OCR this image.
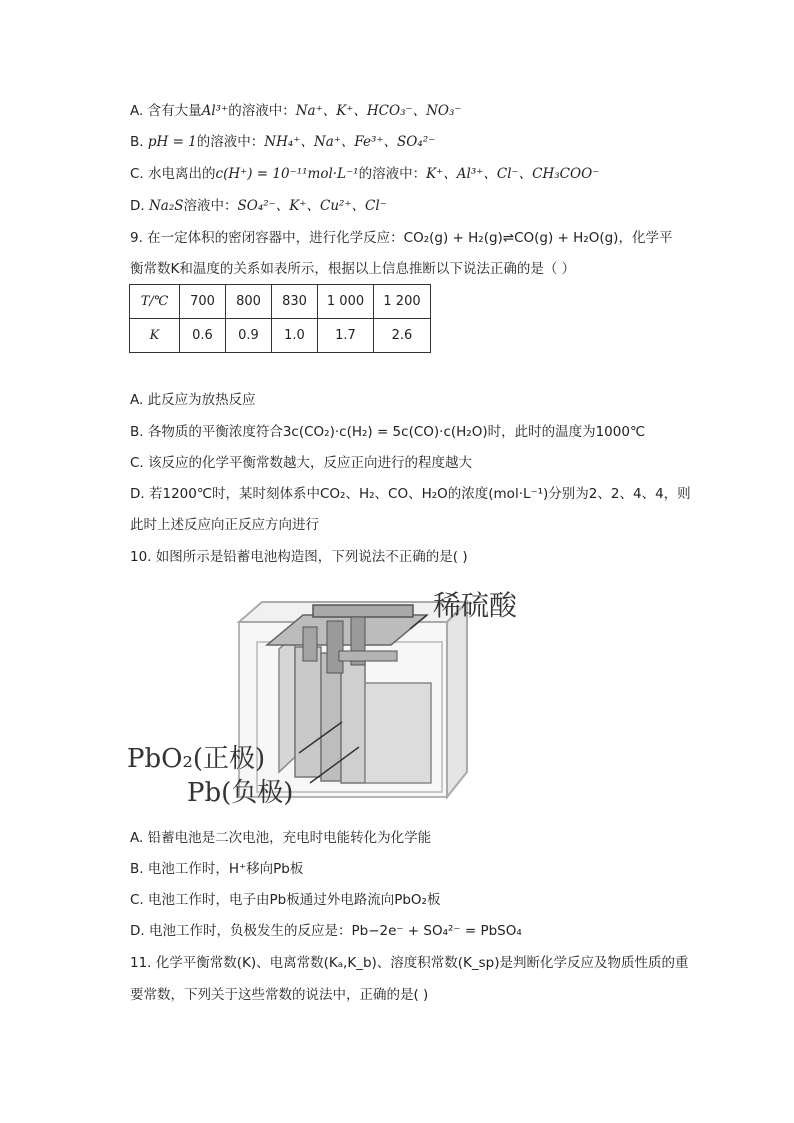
A. 含有大量Al³⁺的溶液中：Na⁺、K⁺、HCO₃⁻、NO₃⁻
B. pH = 1的溶液中：NH₄⁺、Na⁺、Fe³⁺、SO₄²⁻
C. 水电离出的c(H⁺) = 10⁻¹¹mol·L⁻¹的溶液中：K⁺、Al³⁺、Cl⁻、CH₃COO⁻
D. Na₂S溶液中：SO₄²⁻、K⁺、Cu²⁺、Cl⁻
9. 在一定体积的密闭容器中，进行化学反应：CO₂(g) + H₂(g)⇌CO(g) + H₂O(g)，化学平
衡常数K和温度的关系如表所示，根据以上信息推断以下说法正确的是（ ）
T/℃	700	800	830	1 000	1 200
K	0.6	0.9	1.0	1.7	2.6
A. 此反应为放热反应
B. 各物质的平衡浓度符合3c(CO₂)·c(H₂) = 5c(CO)·c(H₂O)时，此时的温度为1000℃
C. 该反应的化学平衡常数越大，反应正向进行的程度越大
D. 若1200℃时，某时刻体系中CO₂、H₂、CO、H₂O的浓度(mol·L⁻¹)分别为2、2、4、4，则
此时上述反应向正反应方向进行
10. 如图所示是铅蓄电池构造图，下列说法不正确的是( )
稀硫酸
PbO₂(正极)
Pb(负极)
A. 铅蓄电池是二次电池，充电时电能转化为化学能
B. 电池工作时，H⁺移向Pb板
C. 电池工作时，电子由Pb板通过外电路流向PbO₂板
D. 电池工作时，负极发生的反应是：Pb−2e⁻ + SO₄²⁻ = PbSO₄
11. 化学平衡常数(K)、电离常数(Kₐ,K_b)、溶度积常数(K_sp)是判断化学反应及物质性质的重
要常数，下列关于这些常数的说法中，正确的是( )
